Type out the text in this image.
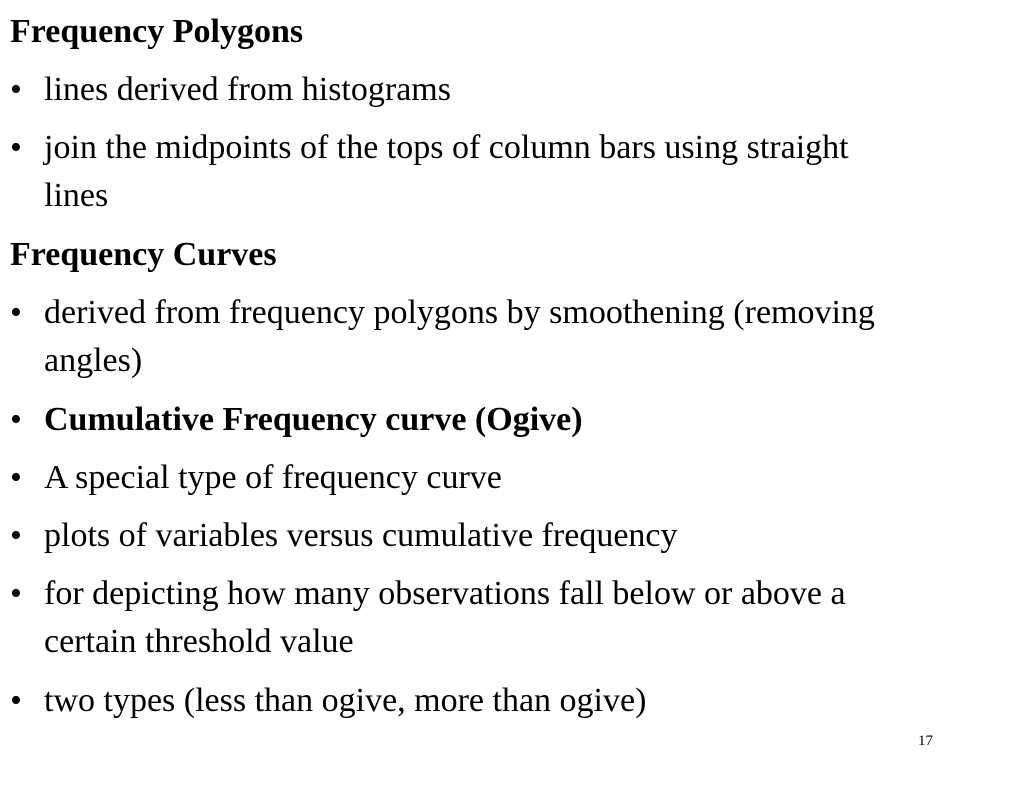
Frequency Polygons
• lines derived from histograms
• join the midpoints of the tops of column bars using straight lines
Frequency Curves
• derived from frequency polygons by smoothening (removing angles)
• Cumulative Frequency curve (Ogive)
• A special type of frequency curve
• plots of variables versus cumulative frequency
• for depicting how many observations fall below or above a certain threshold value
• two types (less than ogive, more than ogive)
17
